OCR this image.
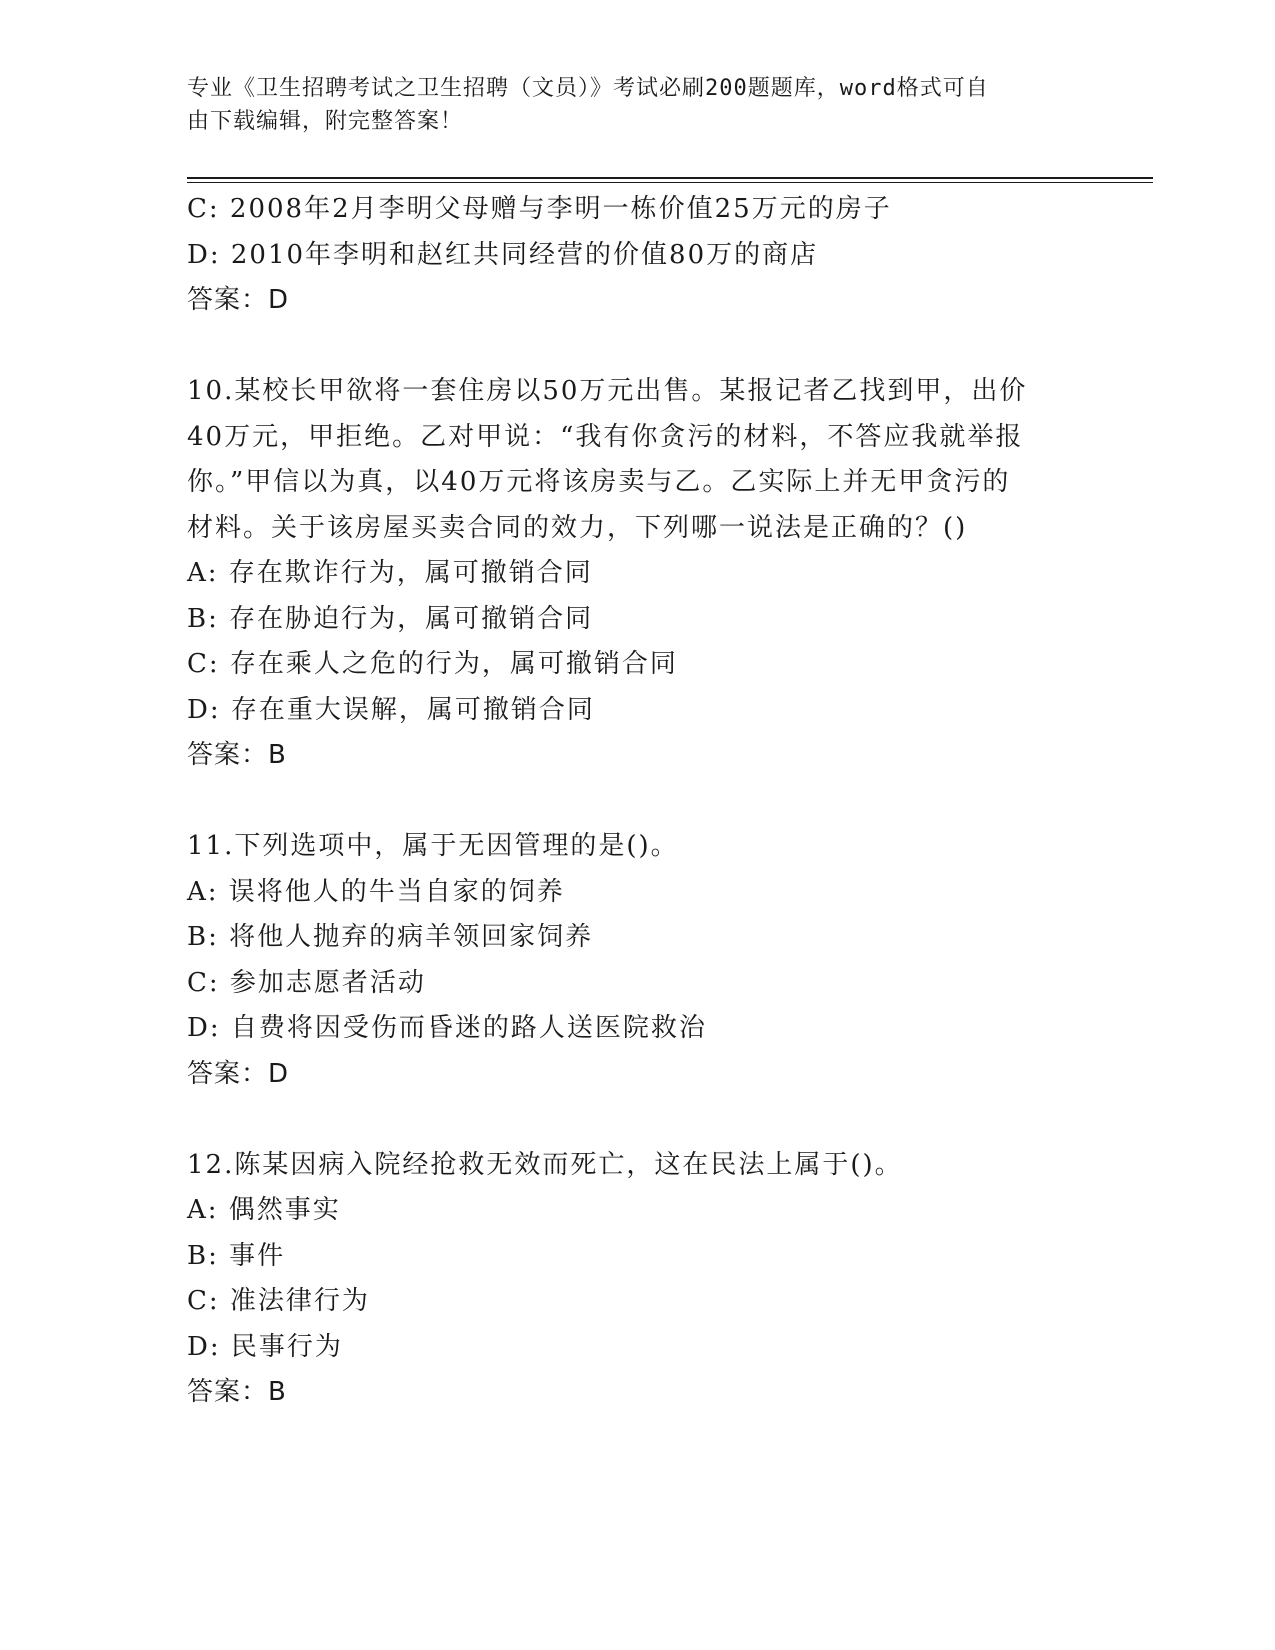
专业《卫生招聘考试之卫生招聘（文员）》考试必刷200题题库，word格式可自
由下载编辑，附完整答案！
C: 2008年2月李明父母赠与李明一栋价值25万元的房子
D: 2010年李明和赵红共同经营的价值80万的商店
答案：D
10.某校长甲欲将一套住房以50万元出售。某报记者乙找到甲，出价
40万元，甲拒绝。乙对甲说：“我有你贪污的材料，不答应我就举报
你。”甲信以为真，以40万元将该房卖与乙。乙实际上并无甲贪污的
材料。关于该房屋买卖合同的效力，下列哪一说法是正确的？()
A: 存在欺诈行为，属可撤销合同
B: 存在胁迫行为，属可撤销合同
C: 存在乘人之危的行为，属可撤销合同
D: 存在重大误解，属可撤销合同
答案：B
11.下列选项中，属于无因管理的是()。
A: 误将他人的牛当自家的饲养
B: 将他人抛弃的病羊领回家饲养
C: 参加志愿者活动
D: 自费将因受伤而昏迷的路人送医院救治
答案：D
12.陈某因病入院经抢救无效而死亡，这在民法上属于()。
A: 偶然事实
B: 事件
C: 准法律行为
D: 民事行为
答案：B
